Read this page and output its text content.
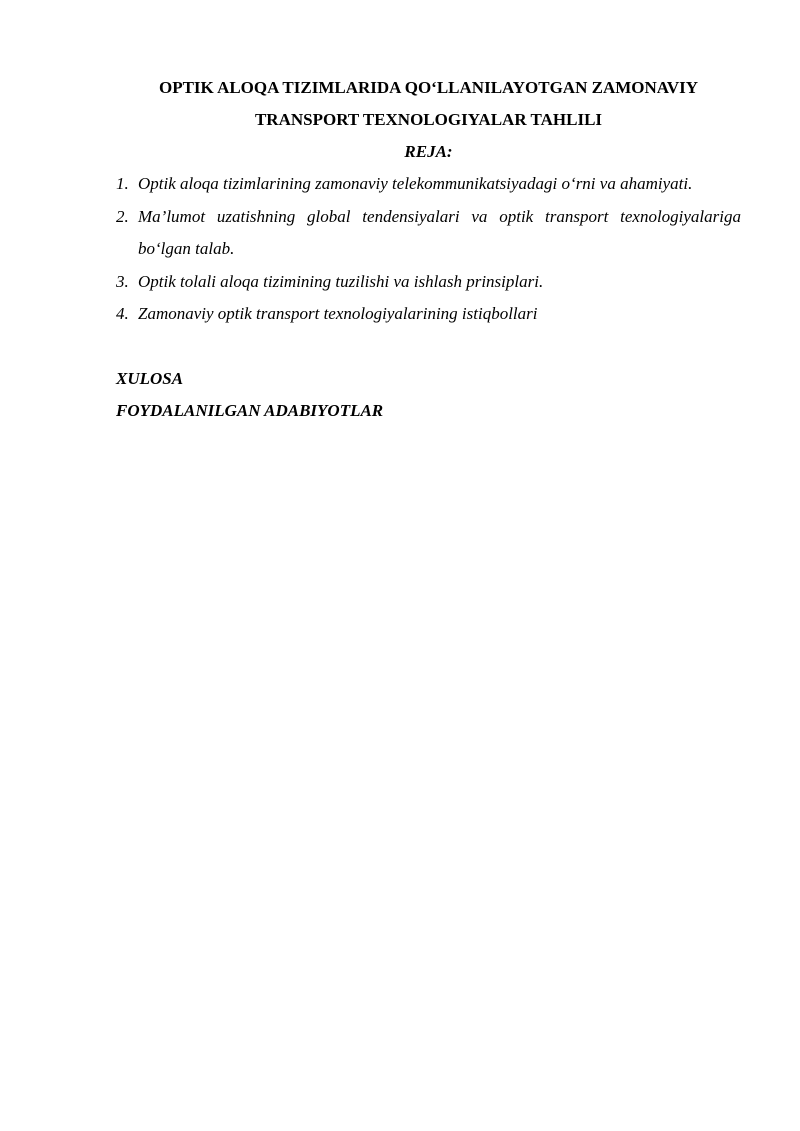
OPTIK ALOQA TIZIMLARIDA QO‘LLANILAYOTGAN ZAMONAVIY

TRANSPORT TEXNOLOGIYALAR TAHLILI

REJA:

1. Optik aloqa tizimlarining zamonaviy telekommunikatsiyadagi o‘rni va ahamiyati.
2. Ma’lumot uzatishning global tendensiyalari va optik transport texnologiyalariga bo‘lgan talab.
3. Optik tolali aloqa tizimining tuzilishi va ishlash prinsiplari.
4. Zamonaviy optik transport texnologiyalarining istiqbollari

XULOSA

FOYDALANILGAN ADABIYOTLAR
